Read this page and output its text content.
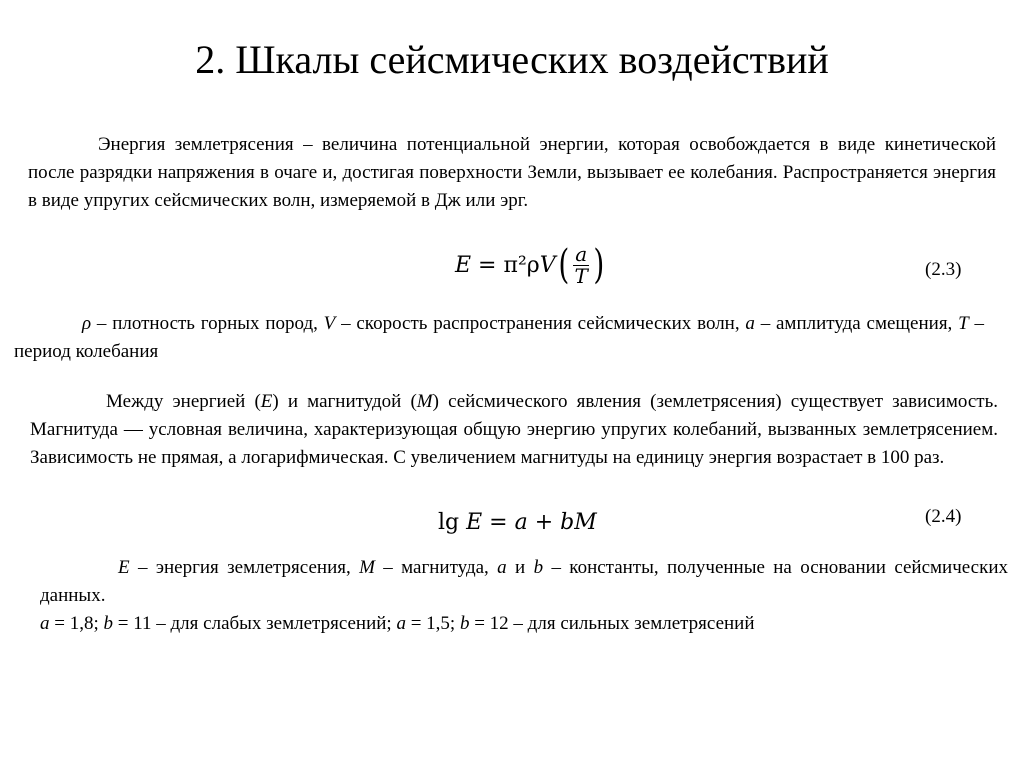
2. Шкалы сейсмических воздействий

Энергия землетрясения – величина потенциальной энергии, которая освобождается в виде кинетической после разрядки напряжения в очаге и, достигая поверхности Земли, вызывает ее колебания. Распространяется энергия в виде упругих сейсмических волн, измеряемой в Дж или эрг.

E = π²ρ V ( $\frac{a}{T}$ )	(2.3)

ρ – плотность горных пород, V – скорость распространения сейсмических волн, a – амплитуда смещения, T – период колебания

Между энергией (E) и магнитудой (M) сейсмического явления (землетрясения) существует зависимость. Магнитуда — условная величина, характеризующая общую энергию упругих колебаний, вызванных землетрясением. Зависимость не прямая, а логарифмическая. С увеличением магнитуды на единицу энергия возрастает в 100 раз.

lg E = a + b M	(2.4)

E – энергия землетрясения, M – магнитуда, a и b – константы, полученные на основании сейсмических данных.

a = 1,8; b = 11 – для слабых землетрясений; a = 1,5; b = 12 – для сильных землетрясений
